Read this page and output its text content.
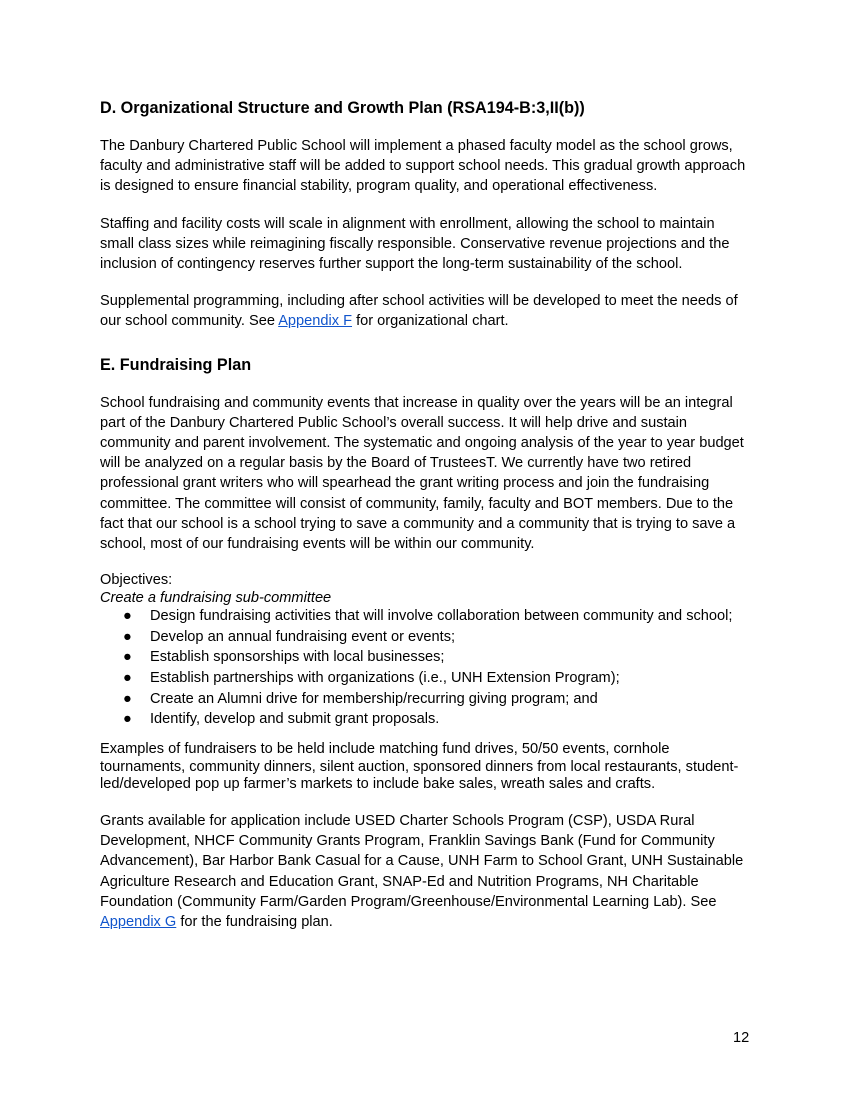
D. Organizational Structure and Growth Plan (RSA194-B:3,II(b))

The Danbury Chartered Public School will implement a phased faculty model as the school grows, faculty and administrative staff will be added to support school needs. This gradual growth approach is designed to ensure financial stability, program quality, and operational effectiveness.

Staffing and facility costs will scale in alignment with enrollment, allowing the school to maintain small class sizes while reimagining fiscally responsible. Conservative revenue projections and the inclusion of contingency reserves further support the long-term sustainability of the school.

Supplemental programming, including after school activities will be developed to meet the needs of our school community. See Appendix F for organizational chart.

E. Fundraising Plan

School fundraising and community events that increase in quality over the years will be an integral part of the Danbury Chartered Public School’s overall success. It will help drive and sustain community and parent involvement. The systematic and ongoing analysis of the year to year budget will be analyzed on a regular basis by the Board of TrusteesT. We currently have two retired professional grant writers who will spearhead the grant writing process and join the fundraising committee. The committee will consist of community, family, faculty and BOT members. Due to the fact that our school is a school trying to save a community and a community that is trying to save a school, most of our fundraising events will be within our community.

Objectives:

Create a fundraising sub-committee

● Design fundraising activities that will involve collaboration between community and school;
● Develop an annual fundraising event or events;
● Establish sponsorships with local businesses;
● Establish partnerships with organizations (i.e., UNH Extension Program);
● Create an Alumni drive for membership/recurring giving program; and
● Identify, develop and submit grant proposals.

Examples of fundraisers to be held include matching fund drives, 50/50 events, cornhole tournaments, community dinners, silent auction, sponsored dinners from local restaurants, student-led/developed pop up farmer’s markets to include bake sales, wreath sales and crafts.

Grants available for application include USED Charter Schools Program (CSP), USDA Rural Development, NHCF Community Grants Program, Franklin Savings Bank (Fund for Community Advancement), Bar Harbor Bank Casual for a Cause, UNH Farm to School Grant, UNH Sustainable Agriculture Research and Education Grant, SNAP-Ed and Nutrition Programs, NH Charitable Foundation (Community Farm/Garden Program/Greenhouse/Environmental Learning Lab). See Appendix G for the fundraising plan.

12
